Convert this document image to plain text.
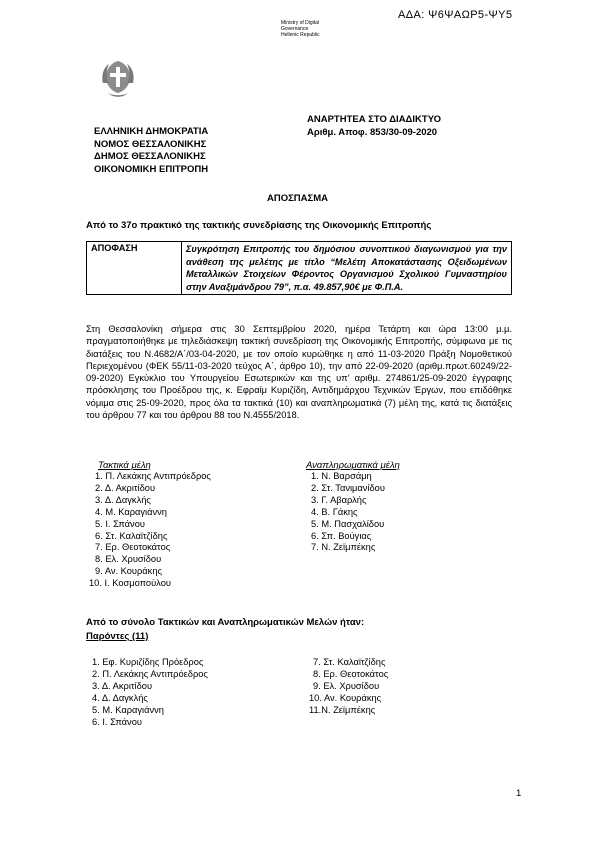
ΑΔΑ: Ψ6ΨΑΩΡ5-ΨΥ5
Ministry of Digital
Governance
Hellenic Republic
ΑΝΑΡΤΗΤΕΑ ΣΤΟ ΔΙΑΔΙΚΤΥΟ
Αριθμ. Αποφ. 853/30-09-2020
ΕΛΛΗΝΙΚΗ ΔΗΜΟΚΡΑΤΙΑ
ΝΟΜΟΣ ΘΕΣΣΑΛΟΝΙΚΗΣ
ΔΗΜΟΣ ΘΕΣΣΑΛΟΝΙΚΗΣ
ΟΙΚΟΝΟΜΙΚΗ ΕΠΙΤΡΟΠΗ
ΑΠΟΣΠΑΣΜΑ
Από το 37ο πρακτικό της τακτικής συνεδρίασης της Οικονομικής Επιτροπής
ΑΠΟΦΑΣΗ	Συγκρότηση Επιτροπής του δημόσιου συνοπτικού διαγωνισμού για την ανάθεση της μελέτης με τίτλο “Μελέτη Αποκατάστασης Οξειδωμένων Μεταλλικών Στοιχείων Φέροντος Οργανισμού Σχολικού Γυμναστηρίου στην Αναξιμάνδρου 79”, π.α. 49.857,90€ με Φ.Π.Α.
Στη Θεσσαλονίκη σήμερα στις 30 Σεπτεμβρίου 2020, ημέρα Τετάρτη και ώρα 13:00 μ.μ. πραγματοποιήθηκε με τηλεδιάσκεψη τακτική συνεδρίαση της Οικονομικής Επιτροπής, σύμφωνα με τις διατάξεις του Ν.4682/Α΄/03-04-2020, με τον οποίο κυρώθηκε η από 11-03-2020 Πράξη Νομοθετικού Περιεχομένου (ΦΕΚ 55/11-03-2020 τεύχος Α΄, άρθρο 10), την από 22-09-2020 (αριθμ.πρωτ.60249/22-09-2020) Εγκύκλιο του Υπουργείου Εσωτερικών και της υπ’ αριθμ. 274861/25-09-2020 έγγραφης πρόσκλησης του Προέδρου της, κ. Εφραίμ Κυριζίδη, Αντιδημάρχου Τεχνικών Έργων, που επιδόθηκε νόμιμα στις 25-09-2020, προς όλα τα τακτικά (10) και αναπληρωματικά (7) μέλη της, κατά τις διατάξεις του άρθρου 77 και του άρθρου 88 του Ν.4555/2018.
Τακτικά μέλη
1. Π. Λεκάκης Αντιπρόεδρος
2. Δ. Ακριτίδου
3. Δ. Δαγκλής
4. Μ. Καραγιάννη
5. Ι. Σπάνου
6. Στ. Καλαϊτζίδης
7. Ερ. Θεοτοκάτος
8. Ελ. Χρυσίδου
9. Αν. Κουράκης
10. Ι. Κοσμοπούλου
Αναπληρωματικά μέλη
1. Ν. Βαρσάμη
2. Στ. Τανιμανίδου
3. Γ. Αβαρλής
4. Β. Γάκης
5. Μ. Πασχαλίδου
6. Σπ. Βούγιας
7. Ν. Ζεϊμπέκης
Από το σύνολο Τακτικών και Αναπληρωματικών Μελών ήταν:
Παρόντες (11)
1. Εφ. Κυριζίδης Πρόεδρος
2. Π. Λεκάκης Αντιπρόεδρος
3. Δ. Ακριτίδου
4. Δ. Δαγκλής
5. Μ. Καραγιάννη
6. Ι. Σπάνου
7. Στ. Καλαϊτζίδης
8. Ερ. Θεοτοκάτος
9. Ελ. Χρυσίδου
10. Αν. Κουράκης
11.Ν. Ζεϊμπέκης
1
